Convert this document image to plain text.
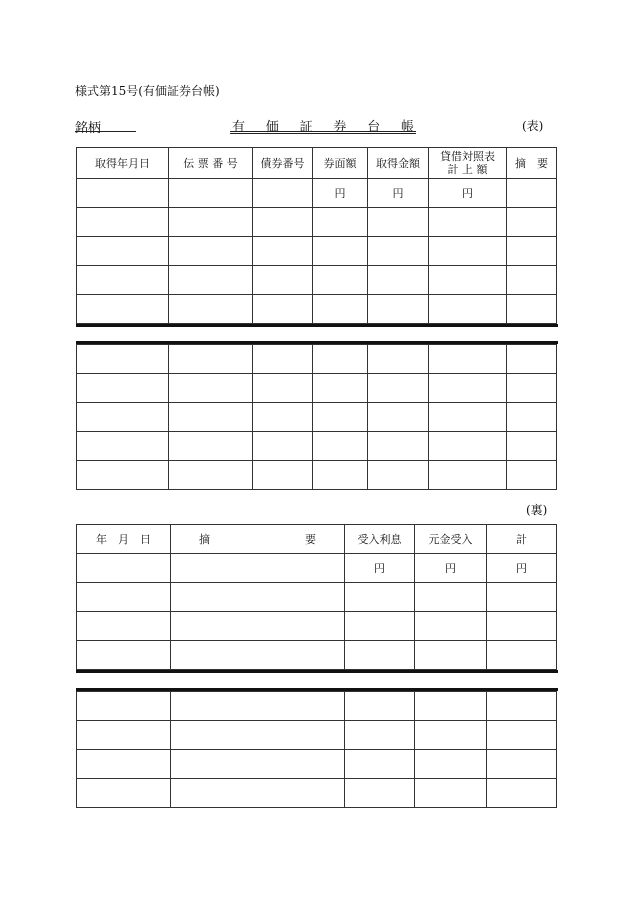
様式第15号(有価証券台帳)
銘柄	有 価 証 券 台 帳	(表)
取得年月日	伝 票 番 号	債券番号	券面額	取得金額	貸借対照表
計 上 額	摘　要
			円	円	円	

(裏)
年　月　日	摘 要	受入利息	元金受入	計
		円	円	円
